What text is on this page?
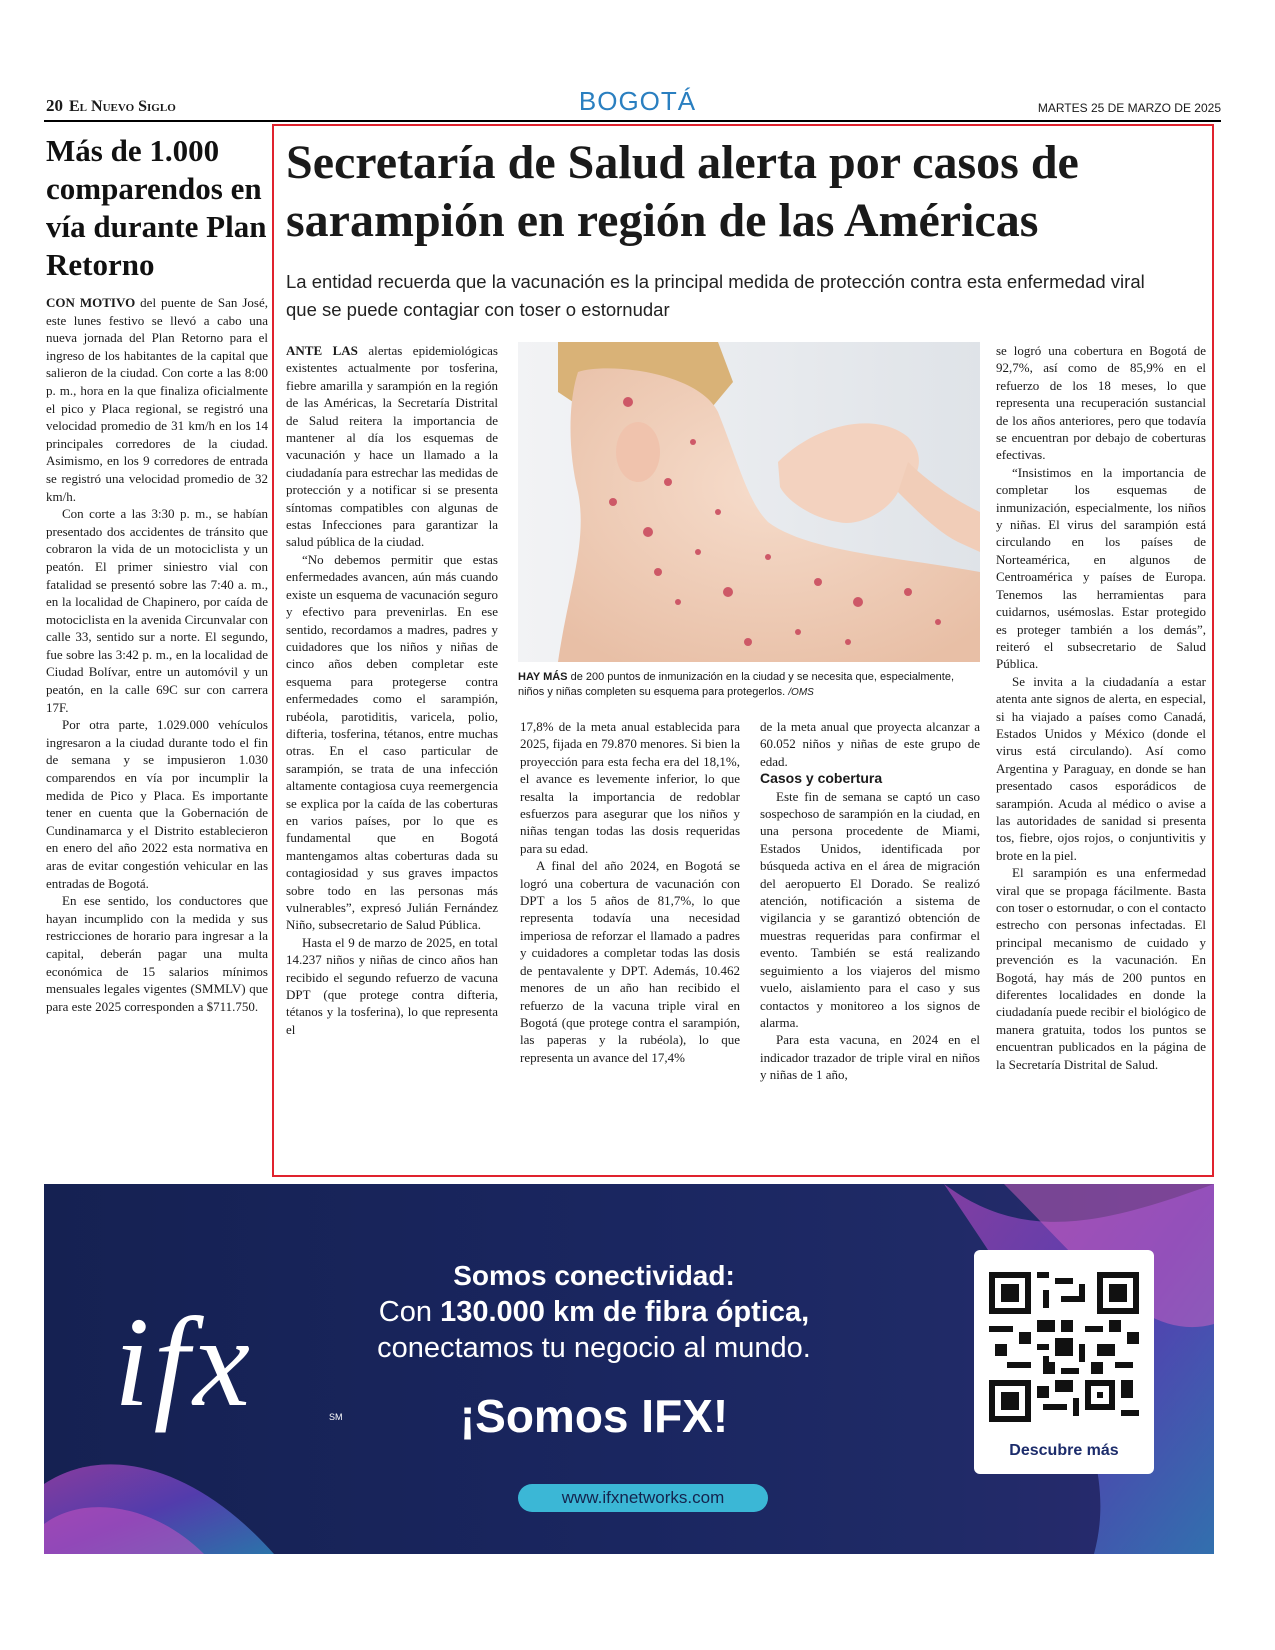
20 El Nuevo Siglo	BOGOTÁ	MARTES 25 DE MARZO DE 2025
Más de 1.000 comparendos en vía durante Plan Retorno

CON MOTIVO del puente de San José, este lunes festivo se llevó a cabo una nueva jornada del Plan Retorno para el ingreso de los habitantes de la capital que salieron de la ciudad. Con corte a las 8:00 p. m., hora en la que finaliza oficialmente el pico y Placa regional, se registró una velocidad promedio de 31 km/h en los 14 principales corredores de la ciudad. Asimismo, en los 9 corredores de entrada se registró una velocidad promedio de 32 km/h.

Con corte a las 3:30 p. m., se habían presentado dos accidentes de tránsito que cobraron la vida de un motociclista y un peatón. El primer siniestro vial con fatalidad se presentó sobre las 7:40 a. m., en la localidad de Chapinero, por caída de motociclista en la avenida Circunvalar con calle 33, sentido sur a norte. El segundo, fue sobre las 3:42 p. m., en la localidad de Ciudad Bolívar, entre un automóvil y un peatón, en la calle 69C sur con carrera 17F.

Por otra parte, 1.029.000 vehículos ingresaron a la ciudad durante todo el fin de semana y se impusieron 1.030 comparendos en vía por incumplir la medida de Pico y Placa. Es importante tener en cuenta que la Gobernación de Cundinamarca y el Distrito establecieron en enero del año 2022 esta normativa en aras de evitar congestión vehicular en las entradas de Bogotá.

En ese sentido, los conductores que hayan incumplido con la medida y sus restricciones de horario para ingresar a la capital, deberán pagar una multa económica de 15 salarios mínimos mensuales legales vigentes (SMMLV) que para este 2025 corresponden a $711.750.

Secretaría de Salud alerta por casos de sarampión en región de las Américas

La entidad recuerda que la vacunación es la principal medida de protección contra esta enfermedad viral que se puede contagiar con toser o estornudar

ANTE LAS alertas epidemiológicas existentes actualmente por tosferina, fiebre amarilla y sarampión en la región de las Américas, la Secretaría Distrital de Salud reitera la importancia de mantener al día los esquemas de vacunación y hace un llamado a la ciudadanía para estrechar las medidas de protección y a notificar si se presenta síntomas compatibles con algunas de estas Infecciones para garantizar la salud pública de la ciudad.

“No debemos permitir que estas enfermedades avancen, aún más cuando existe un esquema de vacunación seguro y efectivo para prevenirlas. En ese sentido, recordamos a madres, padres y cuidadores que los niños y niñas de cinco años deben completar este esquema para protegerse contra enfermedades como el sarampión, rubéola, parotiditis, varicela, polio, difteria, tosferina, tétanos, entre muchas otras. En el caso particular de sarampión, se trata de una infección altamente contagiosa cuya reemergencia se explica por la caída de las coberturas en varios países, por lo que es fundamental que en Bogotá mantengamos altas coberturas dada su contagiosidad y sus graves impactos sobre todo en las personas más vulnerables”, expresó Julián Fernández Niño, subsecretario de Salud Pública.

Hasta el 9 de marzo de 2025, en total 14.237 niños y niñas de cinco años han recibido el segundo refuerzo de vacuna DPT (que protege contra difteria, tétanos y la tosferina), lo que representa el

HAY MÁS de 200 puntos de inmunización en la ciudad y se necesita que, especialmente, niños y niñas completen su esquema para protegerlos. /OMS

17,8% de la meta anual establecida para 2025, fijada en 79.870 menores. Si bien la proyección para esta fecha era del 18,1%, el avance es levemente inferior, lo que resalta la importancia de redoblar esfuerzos para asegurar que los niños y niñas tengan todas las dosis requeridas para su edad.

A final del año 2024, en Bogotá se logró una cobertura de vacunación con DPT a los 5 años de 81,7%, lo que representa todavía una necesidad imperiosa de reforzar el llamado a padres y cuidadores a completar todas las dosis de pentavalente y DPT. Además, 10.462 menores de un año han recibido el refuerzo de la vacuna triple viral en Bogotá (que protege contra el sarampión, las paperas y la rubéola), lo que representa un avance del 17,4%

de la meta anual que proyecta alcanzar a 60.052 niños y niñas de este grupo de edad.

Casos y cobertura

Este fin de semana se captó un caso sospechoso de sarampión en la ciudad, en una persona procedente de Miami, Estados Unidos, identificada por búsqueda activa en el área de migración del aeropuerto El Dorado. Se realizó atención, notificación a sistema de vigilancia y se garantizó obtención de muestras requeridas para confirmar el evento. También se está realizando seguimiento a los viajeros del mismo vuelo, aislamiento para el caso y sus contactos y monitoreo a los signos de alarma.

Para esta vacuna, en 2024 en el indicador trazador de triple viral en niños y niñas de 1 año,

se logró una cobertura en Bogotá de 92,7%, así como de 85,9% en el refuerzo de los 18 meses, lo que representa una recuperación sustancial de los años anteriores, pero que todavía se encuentran por debajo de coberturas efectivas.

“Insistimos en la importancia de completar los esquemas de inmunización, especialmente, los niños y niñas. El virus del sarampión está circulando en los países de Norteamérica, en algunos de Centroamérica y países de Europa. Tenemos las herramientas para cuidarnos, usémoslas. Estar protegido es proteger también a los demás”, reiteró el subsecretario de Salud Pública.

Se invita a la ciudadanía a estar atenta ante signos de alerta, en especial, si ha viajado a países como Canadá, Estados Unidos y México (donde el virus está circulando). Así como Argentina y Paraguay, en donde se han presentado casos esporádicos de sarampión. Acuda al médico o avise a las autoridades de sanidad si presenta tos, fiebre, ojos rojos, o conjuntivitis y brote en la piel.

El sarampión es una enfermedad viral que se propaga fácilmente. Basta con toser o estornudar, o con el contacto estrecho con personas infectadas. El principal mecanismo de cuidado y prevención es la vacunación. En Bogotá, hay más de 200 puntos en diferentes localidades en donde la ciudadanía puede recibir el biológico de manera gratuita, todos los puntos se encuentran publicados en la página de la Secretaría Distrital de Salud.

ifx	SM
Somos conectividad:
Con 130.000 km de fibra óptica,
conectamos tu negocio al mundo.
¡Somos IFX!
www.ifxnetworks.com
Descubre más
